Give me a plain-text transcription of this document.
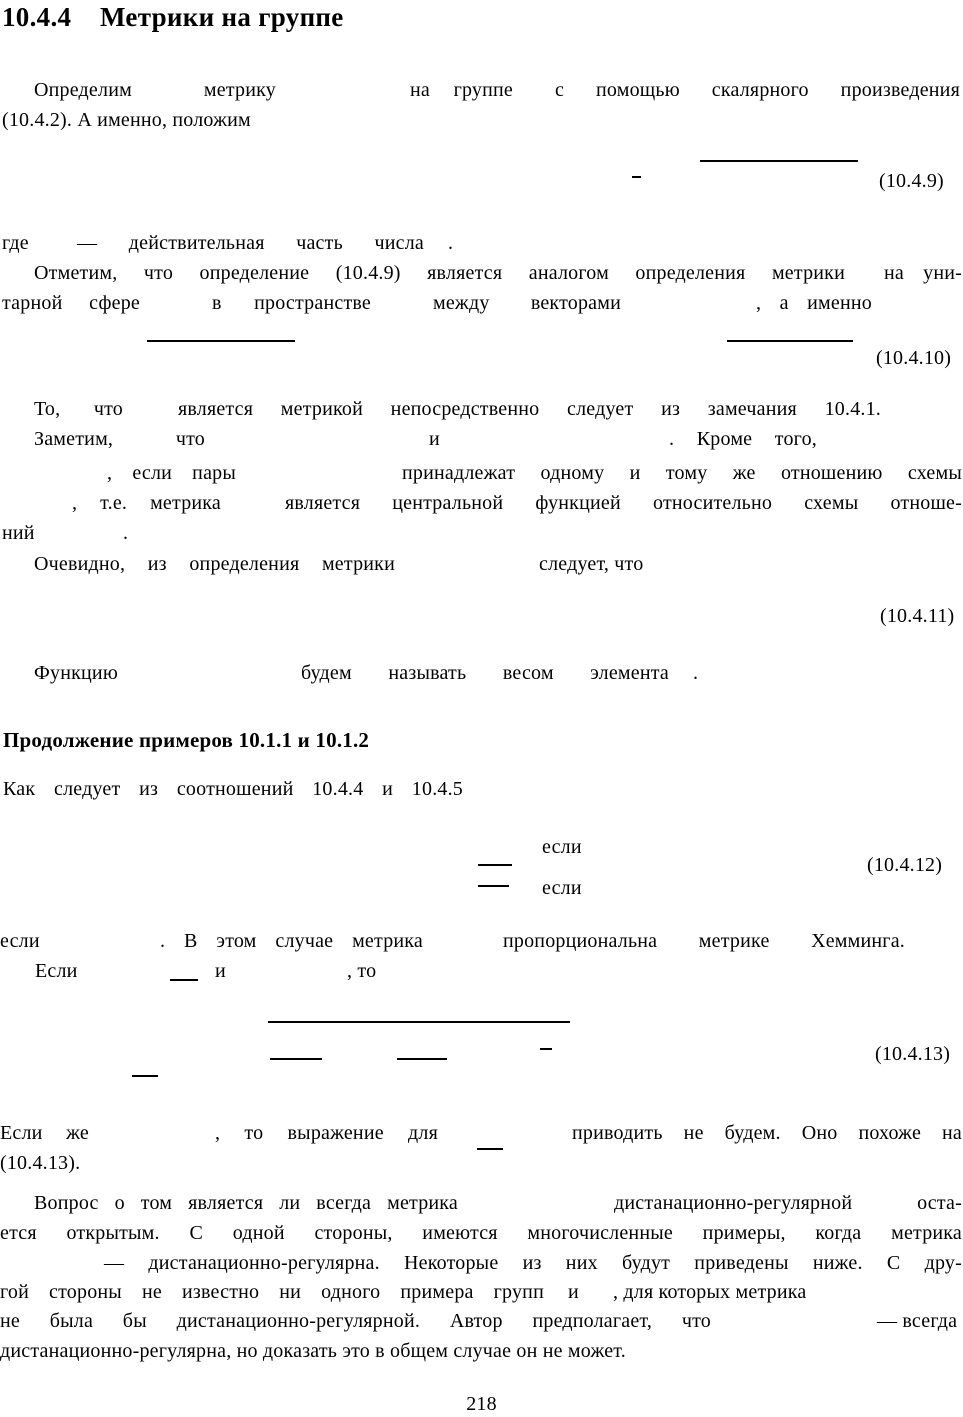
10.4.4 Метрики на группе
Определим метрику	на группе с помощью скалярного произведения
(10.4.2). А именно, положим
(10.4.9)
где — действительная часть числа .
Отметим, что определение (10.4.9) является аналогом определения метрики на уни-
тарной сфере	в пространстве	между векторами	, а именно
(10.4.10)
То, что	является метрикой непосредственно следует из замечания 10.4.1.
Заметим, что	и	. Кроме того,
, если пары	принадлежат одному и тому же отношению схемы
, т.е. метрика	является центральной функцией относительно схемы отноше-
ний	.
Очевидно, из определения метрики	следует, что
(10.4.11)
Функцию	будем называть весом элемента .
Продолжение примеров 10.1.1 и 10.1.2
Как следует из соотношений 10.4.4 и 10.4.5
если
если
(10.4.12)
если	. В этом случае метрика	пропорциональна метрике Хемминга.
Если	и	, то
(10.4.13)
Если же	, то выражение для	приводить не будем. Оно похоже на
(10.4.13).
Вопрос о том является ли всегда метрика	дистанационно-регулярной оста-
ется открытым. С одной стороны, имеются многочисленные примеры, когда метрика
— дистанационно-регулярна. Некоторые из них будут приведены ниже. С дру-
гой стороны не известно ни одного примера групп и , для которых метрика
не была бы дистанационно-регулярной. Автор предполагает, что	— всегда
дистанационно-регулярна, но доказать это в общем случае он не может.
218
